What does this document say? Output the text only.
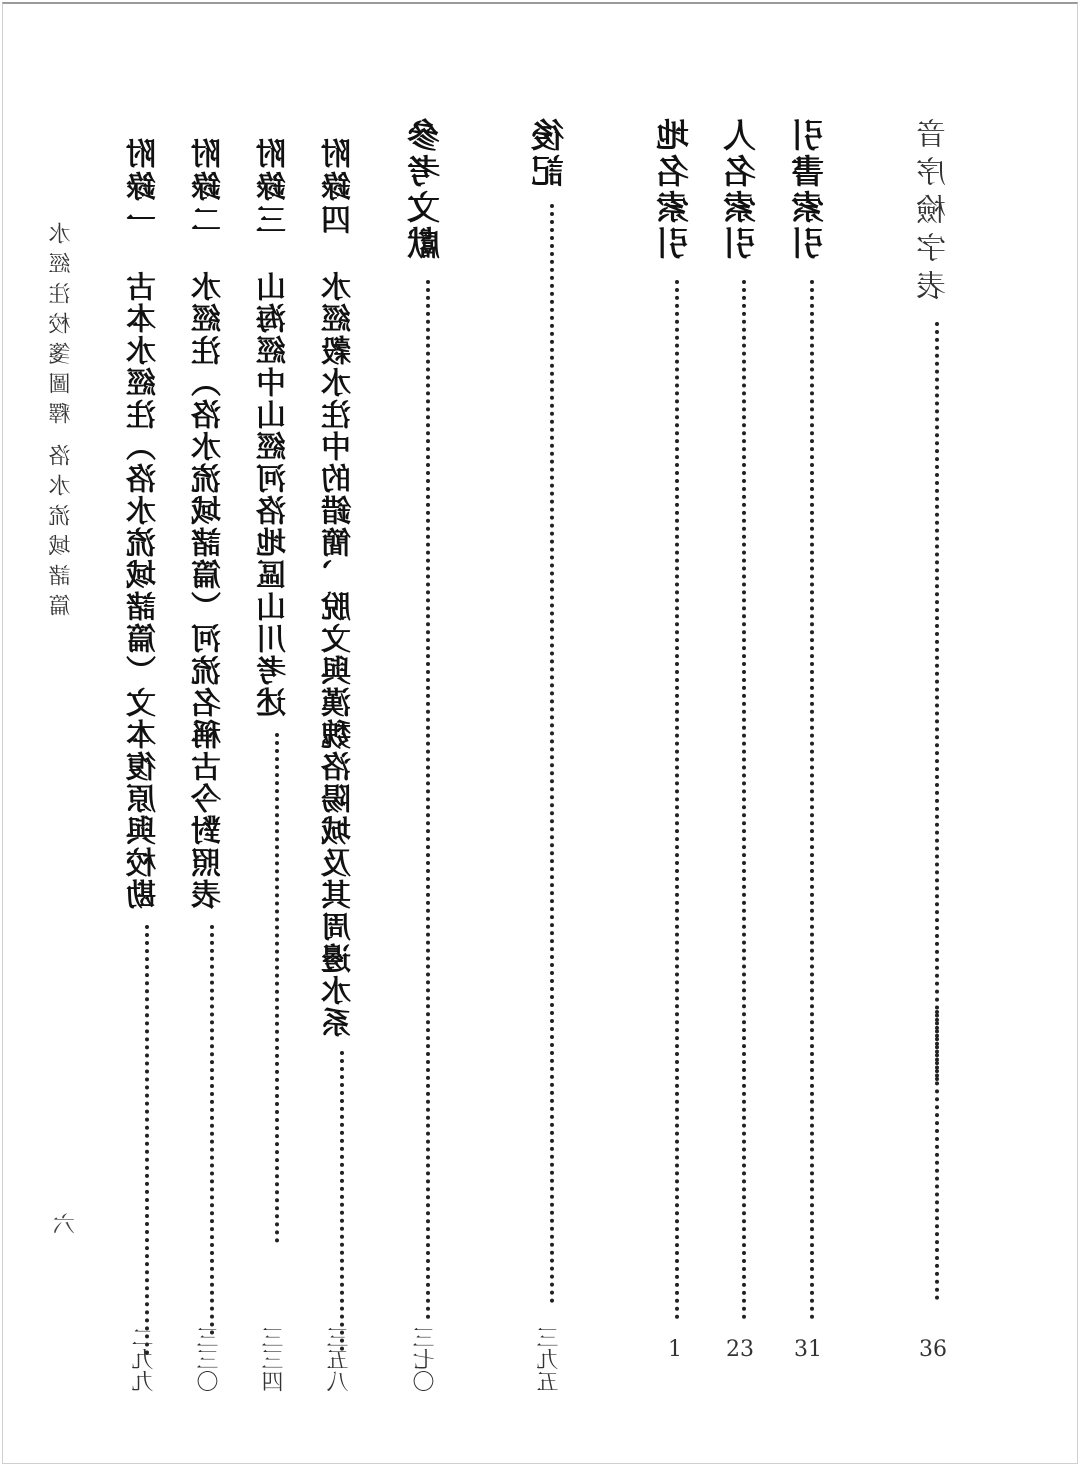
水經注校箋圖釋洛水流域諸篇
六
音序檢字表
36
引書索引
31
人名索引
23
地名索引
1
後記
三九五
參考文獻
三七〇
附錄四
水經穀水注中的錯簡、脫文與漢魏洛陽城及其周邊水系
三五八
附錄三
山海經中山經河洛地區山川考述
三三四
附錄二
水經注（洛水流域諸篇）河流名稱古今對照表
三三〇
附錄一
古本水經注（洛水流域諸篇）文本復原與校勘
二九九
